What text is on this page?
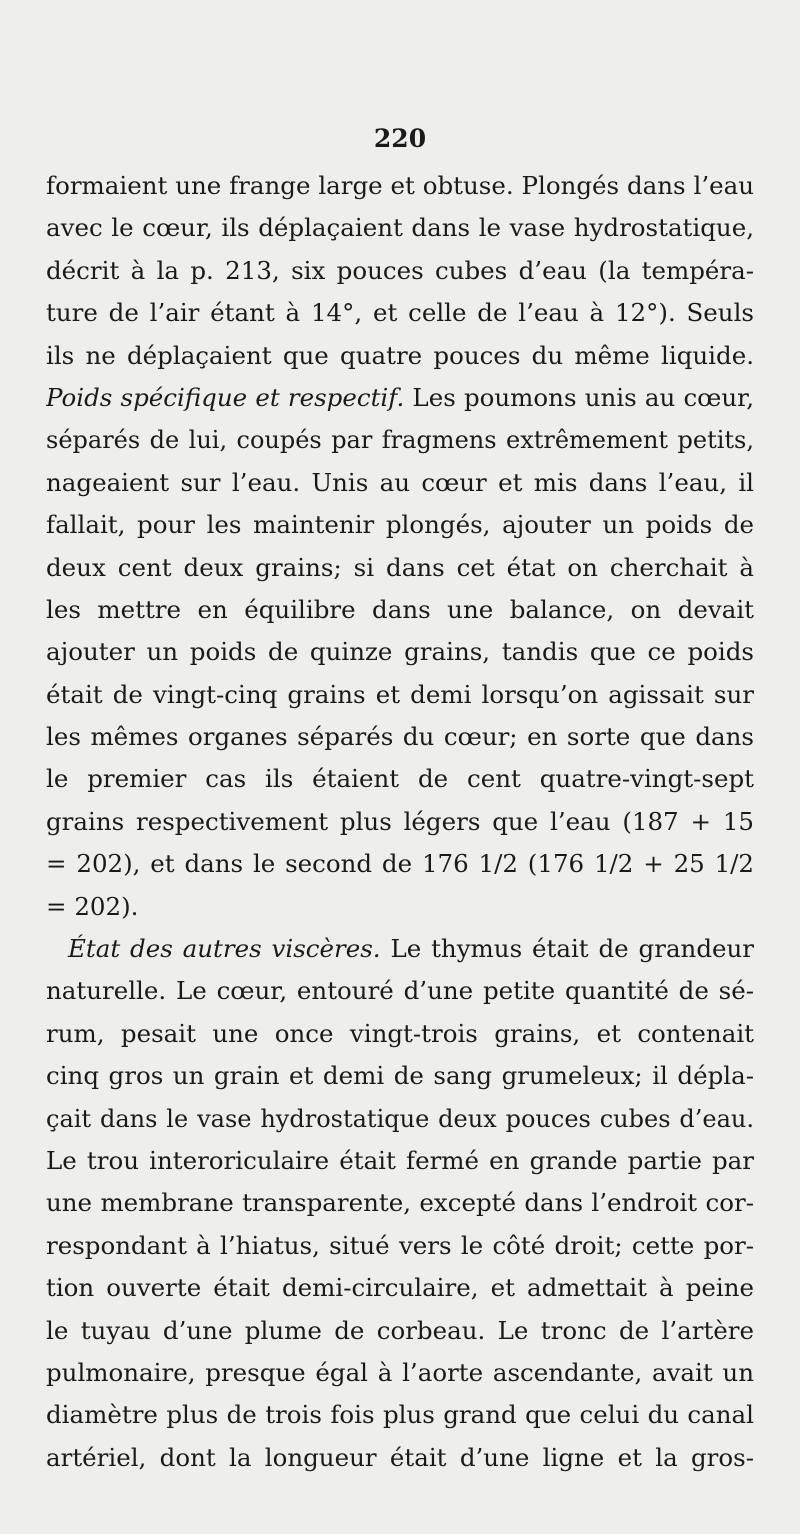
220
formaient une frange large et obtuse. Plongés dans l’eau
avec le cœur, ils déplaçaient dans le vase hydrostatique,
décrit à la p. 213, six pouces cubes d’eau (la tempéra-
ture de l’air étant à 14°, et celle de l’eau à 12°). Seuls
ils ne déplaçaient que quatre pouces du même liquide.
Poids spécifique et respectif. Les poumons unis au cœur,
séparés de lui, coupés par fragmens extrêmement petits,
nageaient sur l’eau. Unis au cœur et mis dans l’eau, il
fallait, pour les maintenir plongés, ajouter un poids de
deux cent deux grains; si dans cet état on cherchait à
les mettre en équilibre dans une balance, on devait
ajouter un poids de quinze grains, tandis que ce poids
était de vingt-cinq grains et demi lorsqu’on agissait sur
les mêmes organes séparés du cœur; en sorte que dans
le premier cas ils étaient de cent quatre-vingt-sept
grains respectivement plus légers que l’eau (187 + 15
= 202), et dans le second de 176 1/2 (176 1/2 + 25 1/2
= 202).
État des autres viscères. Le thymus était de grandeur
naturelle. Le cœur, entouré d’une petite quantité de sé-
rum, pesait une once vingt-trois grains, et contenait
cinq gros un grain et demi de sang grumeleux; il dépla-
çait dans le vase hydrostatique deux pouces cubes d’eau.
Le trou interoriculaire était fermé en grande partie par
une membrane transparente, excepté dans l’endroit cor-
respondant à l’hiatus, situé vers le côté droit; cette por-
tion ouverte était demi-circulaire, et admettait à peine
le tuyau d’une plume de corbeau. Le tronc de l’artère
pulmonaire, presque égal à l’aorte ascendante, avait un
diamètre plus de trois fois plus grand que celui du canal
artériel, dont la longueur était d’une ligne et la gros-
